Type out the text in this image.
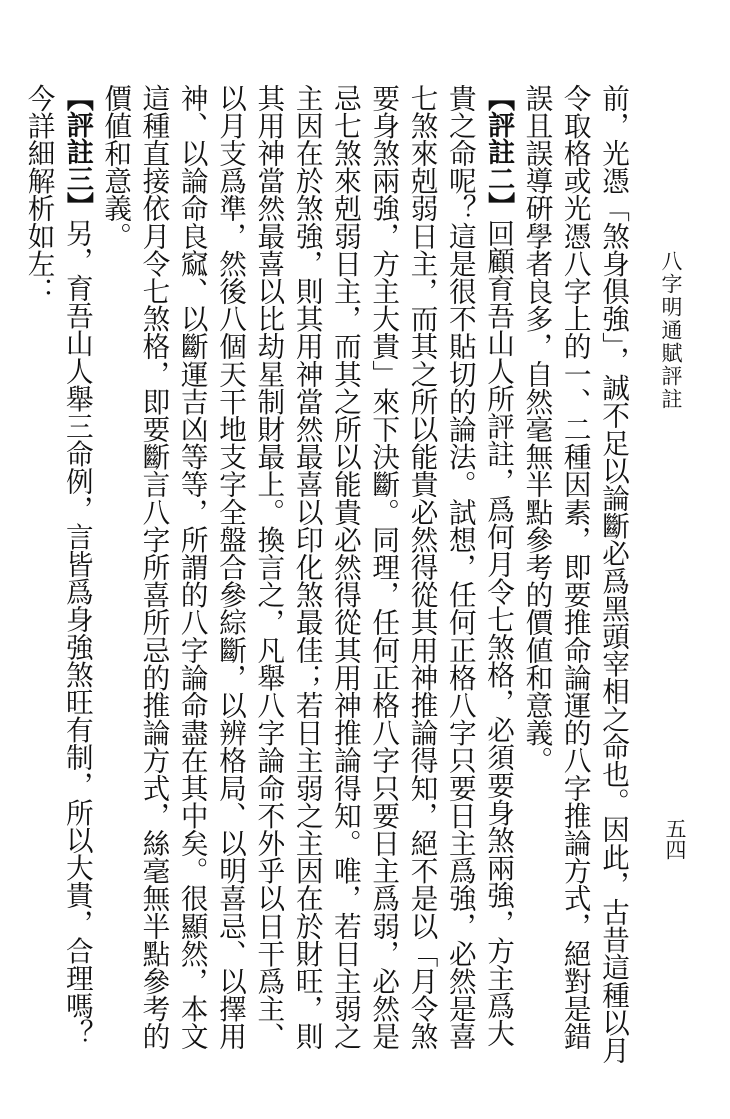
八字明通賦評註
五四

前，光憑「煞身俱強」，誠不足以論斷必爲黑頭宰相之命也。因此，古昔這種以月令取格或光憑八字上的一、二種因素，即要推命論運的八字推論方式，絕對是錯誤且誤導硏學者良多，自然毫無半點參考的價値和意義。

【評註二】回顧育吾山人所評註，爲何月令七煞格，必須要身煞兩強，方主爲大貴之命呢？這是很不貼切的論法。試想，任何正格八字只要日主爲強，必然是喜七煞來剋弱日主，而其之所以能貴必然得從其用神推論得知，絕不是以「月令煞要身煞兩強，方主大貴」來下決斷。同理，任何正格八字只要日主爲弱，必然是忌七煞來剋弱日主，而其之所以能貴必然得從其用神推論得知。唯，若日主弱之主因在於煞強，則其用神當然最喜以印化煞最佳；若日主弱之主因在於財旺，則其用神當然最喜以比劫星制財最上。換言之，凡舉八字論命不外乎以日干爲主、以月支爲準，然後八個天干地支字全盤合參綜斷，以辨格局、以明喜忌、以擇用神、以論命良窳、以斷運吉凶等等，所謂的八字論命盡在其中矣。很顯然，本文這種直接依月令七煞格，即要斷言八字所喜所忌的推論方式，絲毫無半點參考的價値和意義。

【評註三】另，育吾山人舉三命例，言皆爲身強煞旺有制，所以大貴，合理嗎？今詳細解析如左：
